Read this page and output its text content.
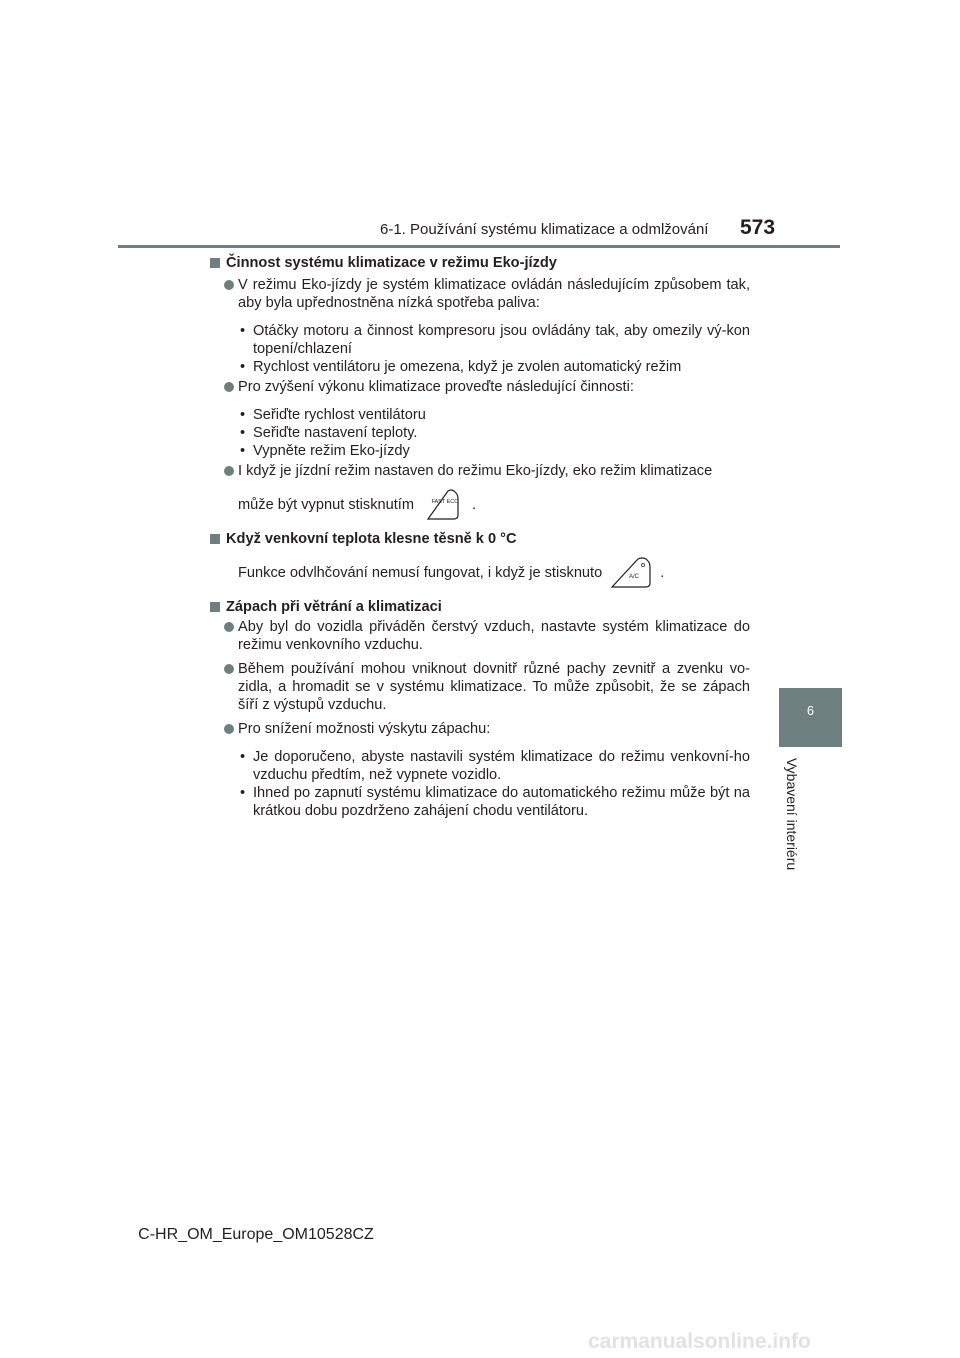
6-1. Používání systému klimatizace a odmlžování 573
6
Vybavení interiéru

Činnost systému klimatizace v režimu Eko-jízdy

V režimu Eko-jízdy je systém klimatizace ovládán následujícím způsobem tak, aby byla upřednostněna nízká spotřeba paliva:

• Otáčky motoru a činnost kompresoru jsou ovládány tak, aby omezily vý-kon topení/chlazení

• Rychlost ventilátoru je omezena, když je zvolen automatický režim

Pro zvýšení výkonu klimatizace proveďte následující činnosti:

• Seřiďte rychlost ventilátoru

• Seřiďte nastavení teploty.

• Vypněte režim Eko-jízdy

I když je jízdní režim nastaven do režimu Eko-jízdy, eko režim klimatizace

může být vypnut stisknutím	FAST ECO .

Když venkovní teplota klesne těsně k 0 °C

Funkce odvlhčování nemusí fungovat, i když je stisknuto	A/C .

Zápach při větrání a klimatizaci

Aby byl do vozidla přiváděn čerstvý vzduch, nastavte systém klimatizace do režimu venkovního vzduchu.

Během používání mohou vniknout dovnitř různé pachy zevnitř a zvenku vo-zidla, a hromadit se v systému klimatizace. To může způsobit, že se zápach šíří z výstupů vzduchu.

Pro snížení možnosti výskytu zápachu:

• Je doporučeno, abyste nastavili systém klimatizace do režimu venkovní-ho vzduchu předtím, než vypnete vozidlo.

• Ihned po zapnutí systému klimatizace do automatického režimu může být na krátkou dobu pozdrženo zahájení chodu ventilátoru.

C-HR_OM_Europe_OM10528CZ
carmanualsonline.info
